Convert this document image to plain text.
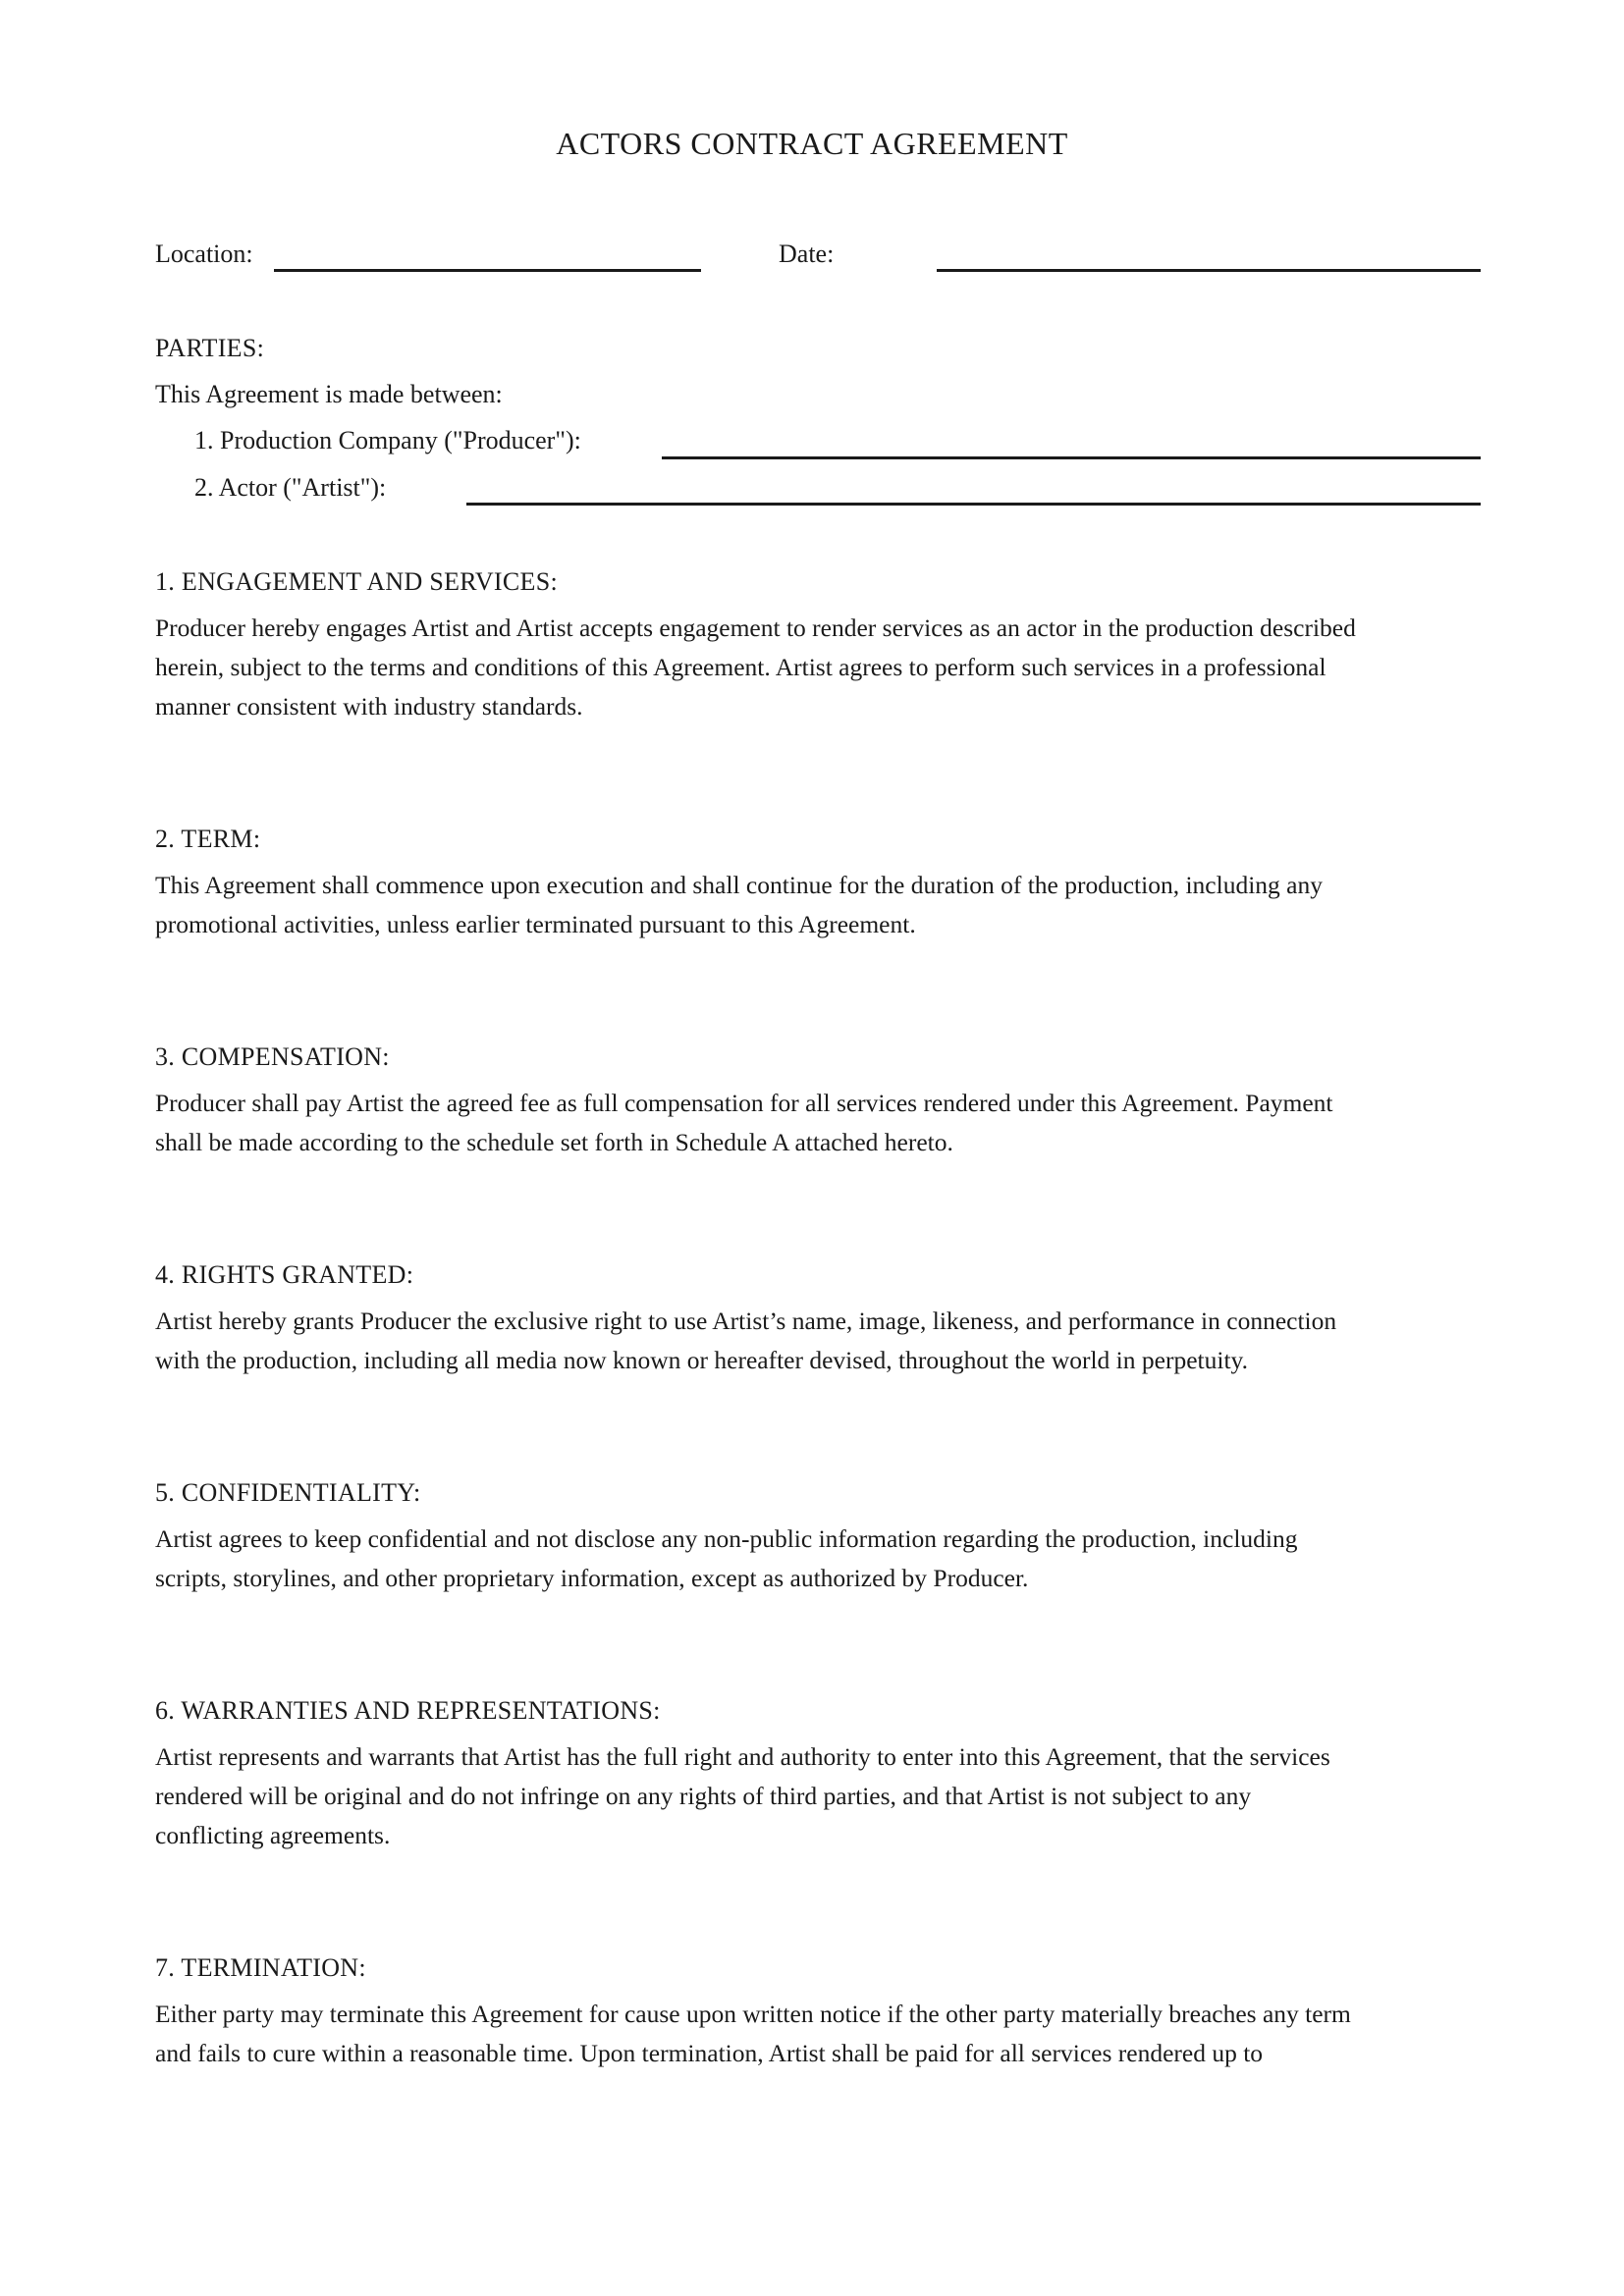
ACTORS CONTRACT AGREEMENT
Location:	Date:
PARTIES:
This Agreement is made between:
1. Production Company ("Producer"):
2. Actor ("Artist"):
1. ENGAGEMENT AND SERVICES:
Producer hereby engages Artist and Artist accepts engagement to render services as an actor in the production described
herein, subject to the terms and conditions of this Agreement. Artist agrees to perform such services in a professional
manner consistent with industry standards.
2. TERM:
This Agreement shall commence upon execution and shall continue for the duration of the production, including any
promotional activities, unless earlier terminated pursuant to this Agreement.
3. COMPENSATION:
Producer shall pay Artist the agreed fee as full compensation for all services rendered under this Agreement. Payment
shall be made according to the schedule set forth in Schedule A attached hereto.
4. RIGHTS GRANTED:
Artist hereby grants Producer the exclusive right to use Artist’s name, image, likeness, and performance in connection
with the production, including all media now known or hereafter devised, throughout the world in perpetuity.
5. CONFIDENTIALITY:
Artist agrees to keep confidential and not disclose any non-public information regarding the production, including
scripts, storylines, and other proprietary information, except as authorized by Producer.
6. WARRANTIES AND REPRESENTATIONS:
Artist represents and warrants that Artist has the full right and authority to enter into this Agreement, that the services
rendered will be original and do not infringe on any rights of third parties, and that Artist is not subject to any
conflicting agreements.
7. TERMINATION:
Either party may terminate this Agreement for cause upon written notice if the other party materially breaches any term
and fails to cure within a reasonable time. Upon termination, Artist shall be paid for all services rendered up to
